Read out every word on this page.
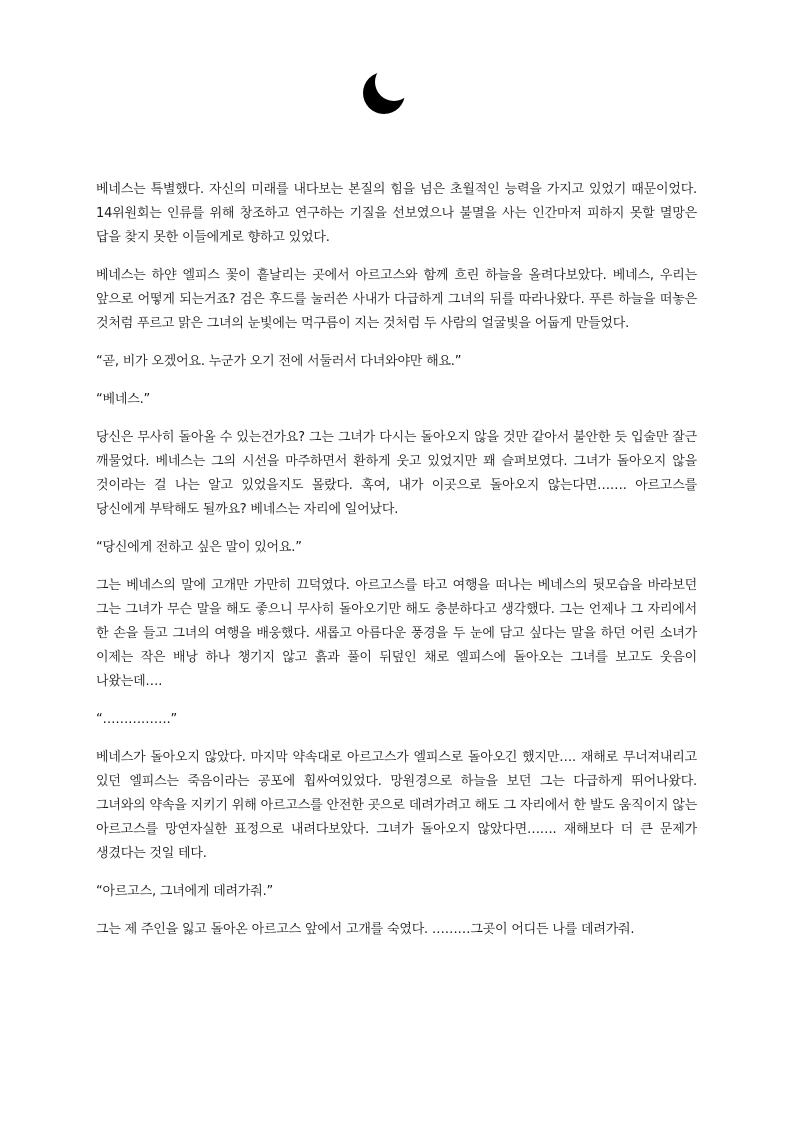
베네스는 특별했다. 자신의 미래를 내다보는 본질의 힘을 넘은 초월적인 능력을 가지고 있었기 때문이었다. 14위원회는 인류를 위해 창조하고 연구하는 기질을 선보였으나 불멸을 사는 인간마저 피하지 못할 멸망은 답을 찾지 못한 이들에게로 향하고 있었다.

베네스는 하얀 엘피스 꽃이 흩날리는 곳에서 아르고스와 함께 흐린 하늘을 올려다보았다. 베네스, 우리는 앞으로 어떻게 되는거죠? 검은 후드를 눌러쓴 사내가 다급하게 그녀의 뒤를 따라나왔다. 푸른 하늘을 떠놓은 것처럼 푸르고 맑은 그녀의 눈빛에는 먹구름이 지는 것처럼 두 사람의 얼굴빛을 어둡게 만들었다.

“곧, 비가 오겠어요. 누군가 오기 전에 서둘러서 다녀와야만 해요.”

“베네스.”

당신은 무사히 돌아올 수 있는건가요? 그는 그녀가 다시는 돌아오지 않을 것만 같아서 불안한 듯 입술만 잘근 깨물었다. 베네스는 그의 시선을 마주하면서 환하게 웃고 있었지만 꽤 슬퍼보였다. 그녀가 돌아오지 않을 것이라는 걸 나는 알고 있었을지도 몰랐다. 혹여, 내가 이곳으로 돌아오지 않는다면……. 아르고스를 당신에게 부탁해도 될까요? 베네스는 자리에 일어났다.

“당신에게 전하고 싶은 말이 있어요.”

그는 베네스의 말에 고개만 가만히 끄덕였다. 아르고스를 타고 여행을 떠나는 베네스의 뒷모습을 바라보던 그는 그녀가 무슨 말을 해도 좋으니 무사히 돌아오기만 해도 충분하다고 생각했다. 그는 언제나 그 자리에서 한 손을 들고 그녀의 여행을 배웅했다. 새롭고 아름다운 풍경을 두 눈에 담고 싶다는 말을 하던 어린 소녀가 이제는 작은 배낭 하나 챙기지 않고 흙과 풀이 뒤덮인 채로 엘피스에 돌아오는 그녀를 보고도 웃음이 나왔는데….

“…………….”

베네스가 돌아오지 않았다. 마지막 약속대로 아르고스가 엘피스로 돌아오긴 했지만…. 재해로 무너져내리고 있던 엘피스는 죽음이라는 공포에 휩싸여있었다. 망원경으로 하늘을 보던 그는 다급하게 뛰어나왔다. 그녀와의 약속을 지키기 위해 아르고스를 안전한 곳으로 데려가려고 해도 그 자리에서 한 발도 움직이지 않는 아르고스를 망연자실한 표정으로 내려다보았다. 그녀가 돌아오지 않았다면……. 재해보다 더 큰 문제가 생겼다는 것일 테다.

“아르고스, 그녀에게 데려가줘.”

그는 제 주인을 잃고 돌아온 아르고스 앞에서 고개를 숙였다. ………그곳이 어디든 나를 데려가줘.
